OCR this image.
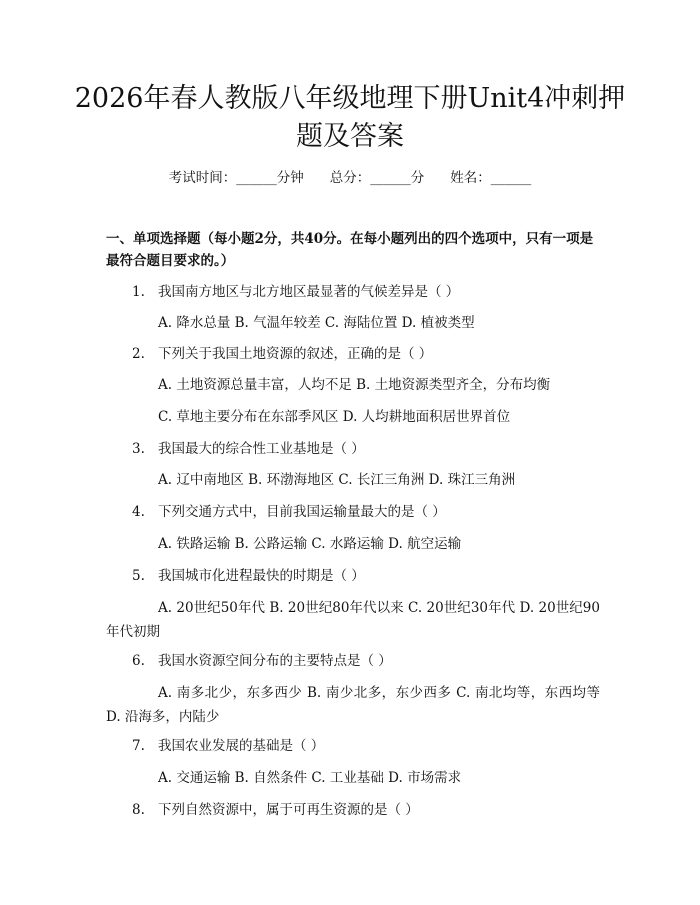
2026年春人教版八年级地理下册Unit4冲刺押题及答案
考试时间：______分钟 总分：______分 姓名：______
一、单项选择题（每小题2分，共40分。在每小题列出的四个选项中，只有一项是最符合题目要求的。）
1. 我国南方地区与北方地区最显著的气候差异是（ ）
A. 降水总量 B. 气温年较差 C. 海陆位置 D. 植被类型
2. 下列关于我国土地资源的叙述，正确的是（ ）
A. 土地资源总量丰富，人均不足 B. 土地资源类型齐全，分布均衡
C. 草地主要分布在东部季风区 D. 人均耕地面积居世界首位
3. 我国最大的综合性工业基地是（ ）
A. 辽中南地区 B. 环渤海地区 C. 长江三角洲 D. 珠江三角洲
4. 下列交通方式中，目前我国运输量最大的是（ ）
A. 铁路运输 B. 公路运输 C. 水路运输 D. 航空运输
5. 我国城市化进程最快的时期是（ ）
A. 20世纪50年代 B. 20世纪80年代以来 C. 20世纪30年代 D. 20世纪90年代初期
6. 我国水资源空间分布的主要特点是（ ）
A. 南多北少，东多西少 B. 南少北多，东少西多 C. 南北均等，东西均等 D. 沿海多，内陆少
7. 我国农业发展的基础是（ ）
A. 交通运输 B. 自然条件 C. 工业基础 D. 市场需求
8. 下列自然资源中，属于可再生资源的是（ ）
